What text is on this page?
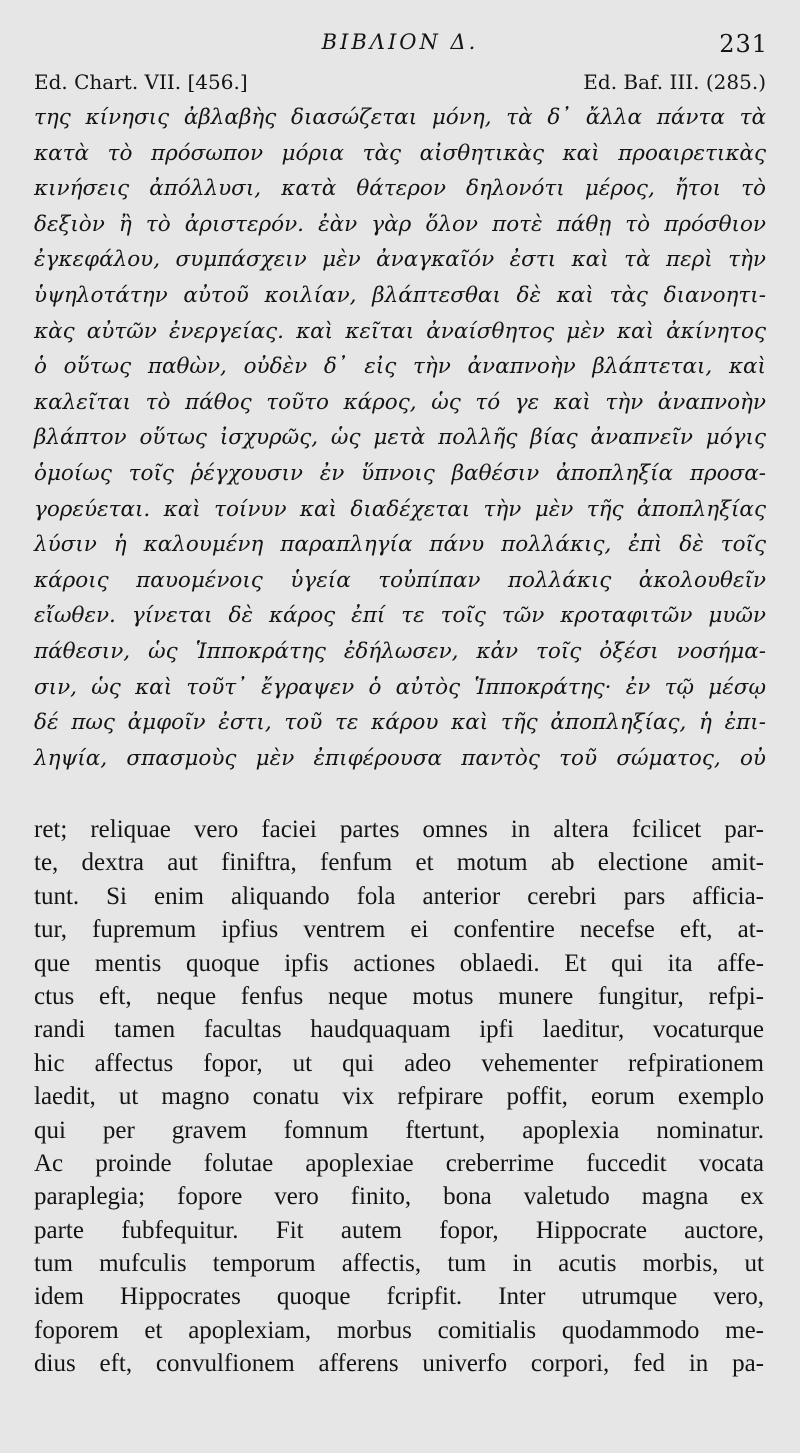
ΒΙΒΛΙΟΝ Δ.	231
Ed. Chart. VII. [456.]	Ed. Baf. III. (285.)
της κίνησις ἀβλαβὴς διασώζεται μόνη, τὰ δ᾽ ἄλλα πάντα τὰ
κατὰ τὸ πρόσωπον μόρια τὰς αἰσθητικὰς καὶ προαιρετικὰς
κινήσεις ἀπόλλυσι, κατὰ θάτερον δηλονότι μέρος, ἤτοι τὸ
δεξιὸν ἢ τὸ ἀριστερόν. ἐὰν γὰρ ὅλον ποτὲ πάθῃ τὸ πρόσθιον
ἐγκεφάλου, συμπάσχειν μὲν ἀναγκαῖόν ἐστι καὶ τὰ περὶ τὴν
ὑψηλοτάτην αὐτοῦ κοιλίαν, βλάπτεσθαι δὲ καὶ τὰς διανοητι-
κὰς αὐτῶν ἐνεργείας. καὶ κεῖται ἀναίσθητος μὲν καὶ ἀκίνητος
ὁ οὕτως παθὼν, οὐδὲν δ᾽ εἰς τὴν ἀναπνοὴν βλάπτεται, καὶ
καλεῖται τὸ πάθος τοῦτο κάρος, ὡς τό γε καὶ τὴν ἀναπνοὴν
βλάπτον οὕτως ἰσχυρῶς, ὡς μετὰ πολλῆς βίας ἀναπνεῖν μόγις
ὁμοίως τοῖς ῥέγχουσιν ἐν ὕπνοις βαθέσιν ἀποπληξία προσα-
γορεύεται. καὶ τοίνυν καὶ διαδέχεται τὴν μὲν τῆς ἀποπληξίας
λύσιν ἡ καλουμένη παραπληγία πάνυ πολλάκις, ἐπὶ δὲ τοῖς
κάροις παυομένοις ὑγεία τοὐπίπαν πολλάκις ἀκολουθεῖν
εἴωθεν. γίνεται δὲ κάρος ἐπί τε τοῖς τῶν κροταφιτῶν μυῶν
πάθεσιν, ὡς Ἱπποκράτης ἐδήλωσεν, κἀν τοῖς ὀξέσι νοσήμα-
σιν, ὡς καὶ τοῦτ᾽ ἔγραψεν ὁ αὐτὸς Ἱπποκράτης· ἐν τῷ μέσῳ
δέ πως ἀμφοῖν ἐστι, τοῦ τε κάρου καὶ τῆς ἀποπληξίας, ἡ ἐπι-
ληψία, σπασμοὺς μὲν ἐπιφέρουσα παντὸς τοῦ σώματος, οὐ
ret; reliquae vero faciei partes omnes in altera fcilicet par-
te, dextra aut finiftra, fenfum et motum ab electione amit-
tunt. Si enim aliquando fola anterior cerebri pars afficia-
tur, fupremum ipfius ventrem ei confentire necefse eft, at-
que mentis quoque ipfis actiones oblaedi. Et qui ita affe-
ctus eft, neque fenfus neque motus munere fungitur, refpi-
randi tamen facultas haudquaquam ipfi laeditur, vocaturque
hic affectus fopor, ut qui adeo vehementer refpirationem
laedit, ut magno conatu vix refpirare poffit, eorum exemplo
qui per gravem fomnum ftertunt, apoplexia nominatur.
Ac proinde folutae apoplexiae creberrime fuccedit vocata
paraplegia; fopore vero finito, bona valetudo magna ex
parte fubfequitur. Fit autem fopor, Hippocrate auctore,
tum mufculis temporum affectis, tum in acutis morbis, ut
idem Hippocrates quoque fcripfit. Inter utrumque vero,
foporem et apoplexiam, morbus comitialis quodammodo me-
dius eft, convulfionem afferens univerfo corpori, fed in pa-
